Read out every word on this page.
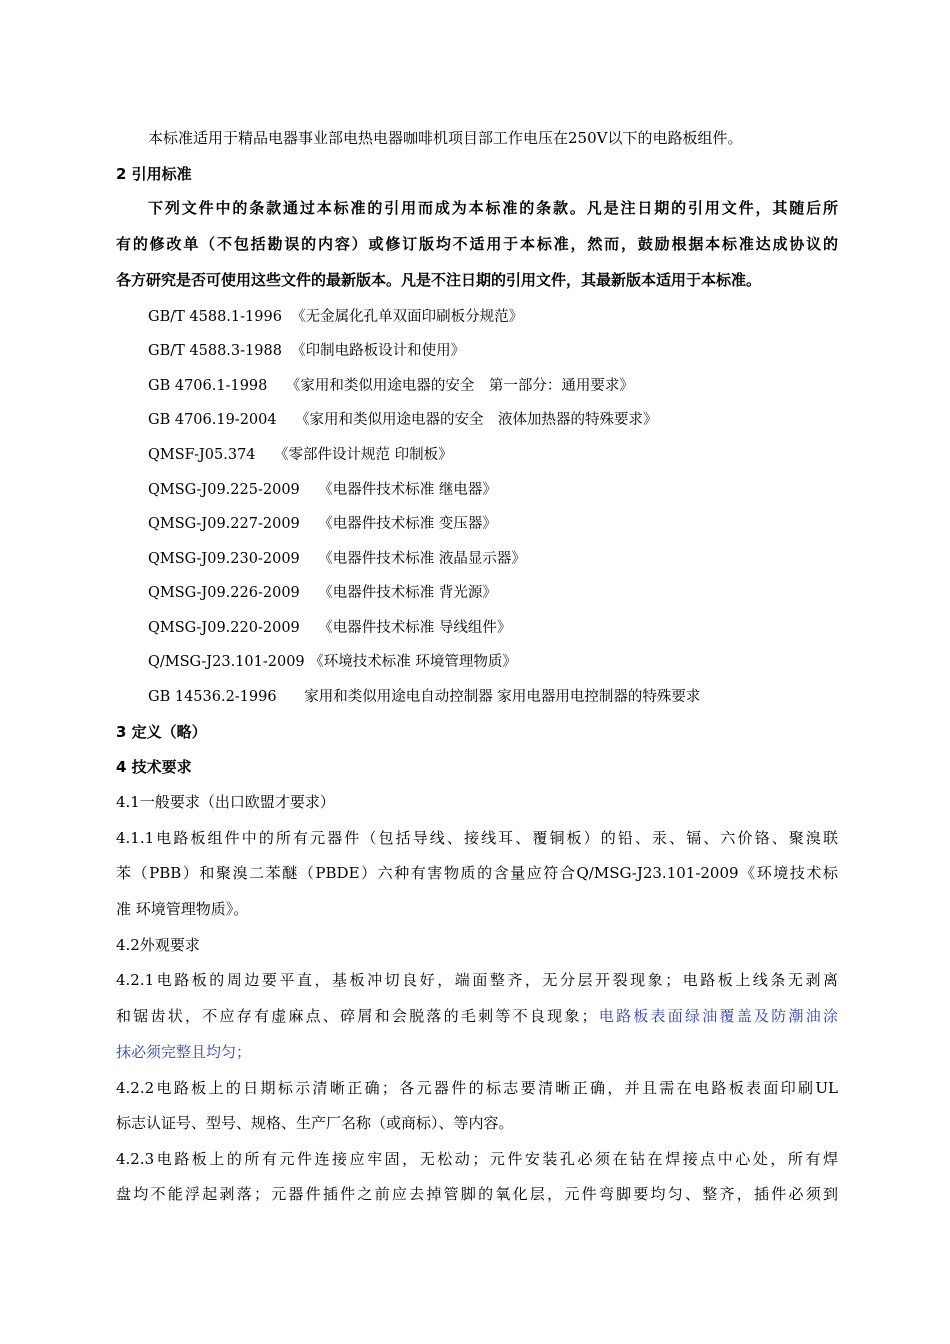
本标准适用于精品电器事业部电热电器咖啡机项目部工作电压在250V以下的电路板组件。
2 引用标准
下列文件中的条款通过本标准的引用而成为本标准的条款。凡是注日期的引用文件，其随后所
有的修改单（不包括勘误的内容）或修订版均不适用于本标准，然而，鼓励根据本标准达成协议的
各方研究是否可使用这些文件的最新版本。凡是不注日期的引用文件，其最新版本适用于本标准。
GB/T 4588.1-1996 《无金属化孔单双面印刷板分规范》
GB/T 4588.3-1988 《印制电路板设计和使用》
GB 4706.1-1998 《家用和类似用途电器的安全　第一部分：通用要求》
GB 4706.19-2004 《家用和类似用途电器的安全　液体加热器的特殊要求》
QMSF-J05.374 《零部件设计规范 印制板》
QMSG-J09.225-2009 《电器件技术标准 继电器》
QMSG-J09.227-2009 《电器件技术标准 变压器》
QMSG-J09.230-2009 《电器件技术标准 液晶显示器》
QMSG-J09.226-2009 《电器件技术标准 背光源》
QMSG-J09.220-2009 《电器件技术标准 导线组件》
Q/MSG-J23.101-2009 《环境技术标准 环境管理物质》
GB 14536.2-1996 家用和类似用途电自动控制器 家用电器用电控制器的特殊要求
3 定义（略）
4 技术要求
4.1一般要求（出口欧盟才要求）
4.1.1电路板组件中的所有元器件（包括导线、接线耳、覆铜板）的铅、汞、镉、六价铬、聚溴联
苯（PBB）和聚溴二苯醚（PBDE）六种有害物质的含量应符合Q/MSG-J23.101-2009《环境技术标
准 环境管理物质》。
4.2外观要求
4.2.1电路板的周边要平直，基板冲切良好，端面整齐，无分层开裂现象；电路板上线条无剥离
和锯齿状，不应存有虚麻点、碎屑和会脱落的毛刺等不良现象；电路板表面绿油覆盖及防潮油涂
抹必须完整且均匀；
4.2.2电路板上的日期标示清晰正确；各元器件的标志要清晰正确，并且需在电路板表面印刷UL
标志认证号、型号、规格、生产厂名称（或商标）、等内容。
4.2.3电路板上的所有元件连接应牢固，无松动；元件安装孔必须在钻在焊接点中心处，所有焊
盘均不能浮起剥落；元器件插件之前应去掉管脚的氧化层，元件弯脚要均匀、整齐，插件必须到
